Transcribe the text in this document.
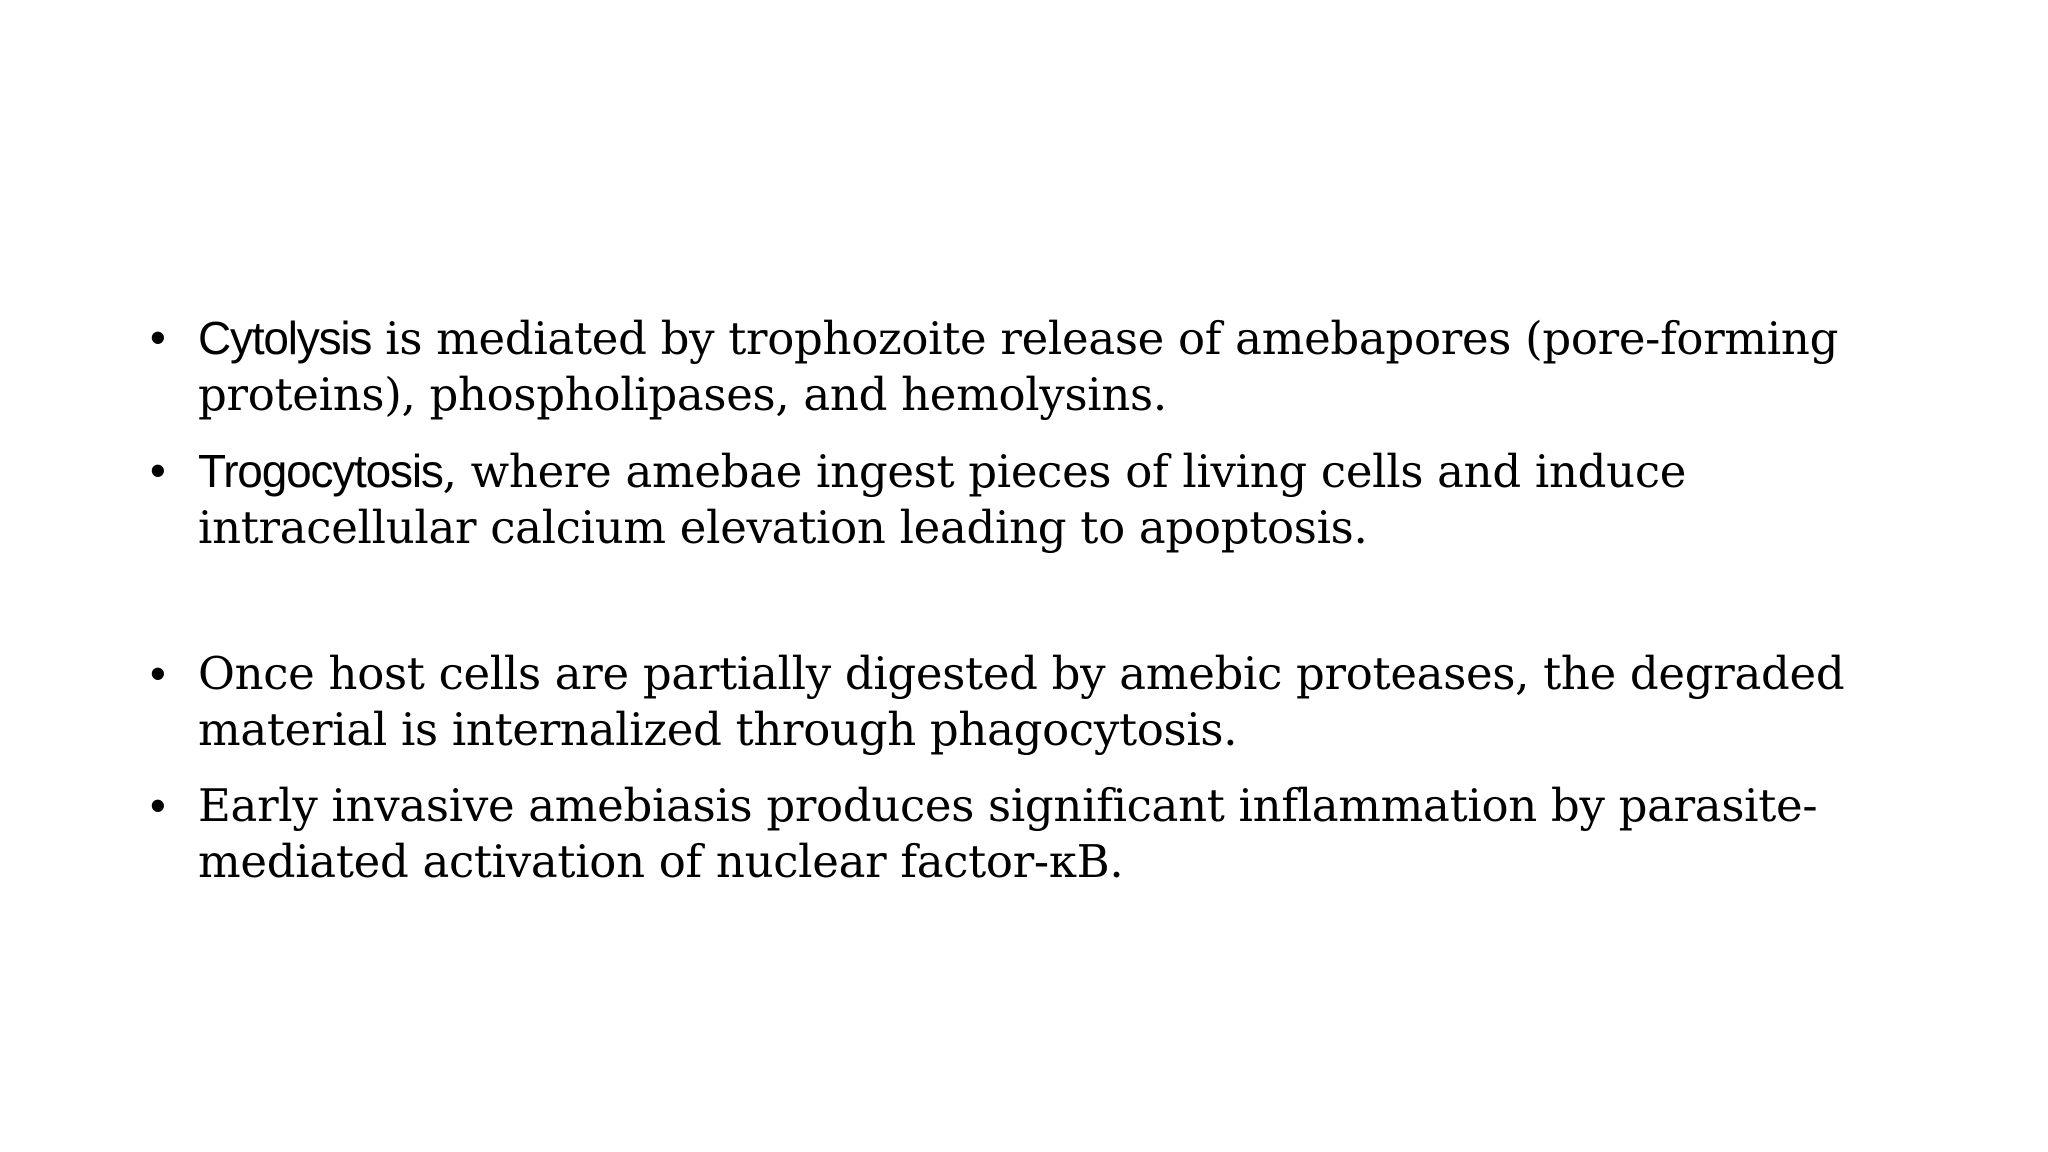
• Cytolysis is mediated by trophozoite release of amebapores (pore-forming proteins), phospholipases, and hemolysins.
• Trogocytosis, where amebae ingest pieces of living cells and induce intracellular calcium elevation leading to apoptosis.
• Once host cells are partially digested by amebic proteases, the degraded material is internalized through phagocytosis.
• Early invasive amebiasis produces significant inflammation by parasite-mediated activation of nuclear factor-κB.
